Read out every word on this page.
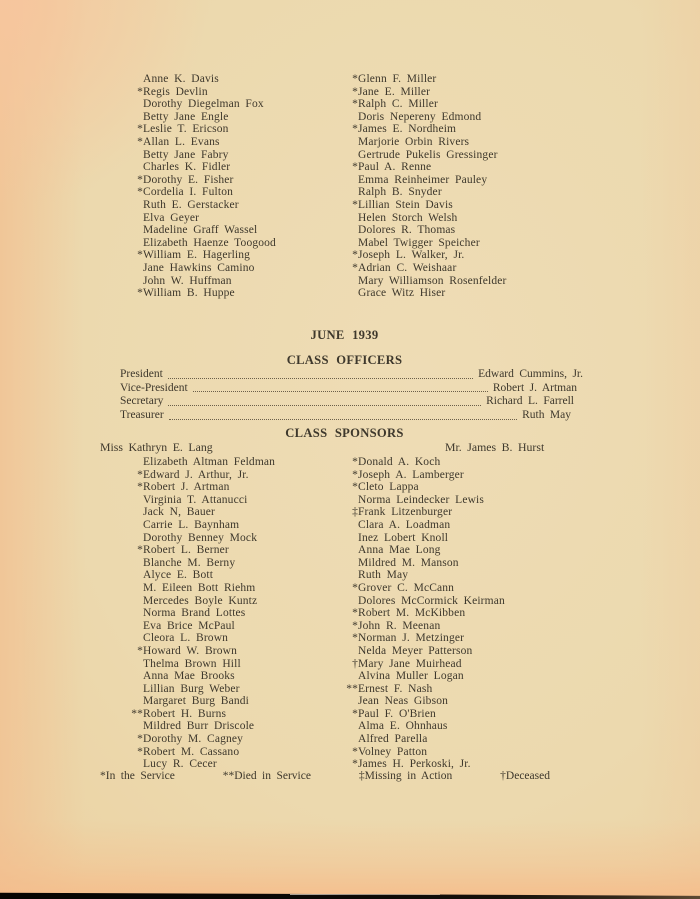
Anne K. Davis
* Regis Devlin
Dorothy Diegelman Fox
Betty Jane Engle
* Leslie T. Ericson
* Allan L. Evans
Betty Jane Fabry
Charles K. Fidler
* Dorothy E. Fisher
* Cordelia I. Fulton
Ruth E. Gerstacker
Elva Geyer
Madeline Graff Wassel
Elizabeth Haenze Toogood
* William E. Hagerling
Jane Hawkins Camino
John W. Huffman
* William B. Huppe
* Glenn F. Miller
* Jane E. Miller
* Ralph C. Miller
Doris Nepereny Edmond
* James E. Nordheim
Marjorie Orbin Rivers
Gertrude Pukelis Gressinger
* Paul A. Renne
Emma Reinheimer Pauley
Ralph B. Snyder
* Lillian Stein Davis
Helen Storch Welsh
Dolores R. Thomas
Mabel Twigger Speicher
* Joseph L. Walker, Jr.
* Adrian C. Weishaar
Mary Williamson Rosenfelder
Grace Witz Hiser
JUNE 1939
CLASS OFFICERS
President	Edward Cummins, Jr.
Vice-President	Robert J. Artman
Secretary	Richard L. Farrell
Treasurer	Ruth May
CLASS SPONSORS
Miss Kathryn E. Lang	Mr. James B. Hurst
Elizabeth Altman Feldman
* Edward J. Arthur, Jr.
* Robert J. Artman
Virginia T. Attanucci
Jack N, Bauer
Carrie L. Baynham
Dorothy Benney Mock
* Robert L. Berner
Blanche M. Berny
Alyce E. Bott
M. Eileen Bott Riehm
Mercedes Boyle Kuntz
Norma Brand Lottes
Eva Brice McPaul
Cleora L. Brown
* Howard W. Brown
Thelma Brown Hill
Anna Mae Brooks
Lillian Burg Weber
Margaret Burg Bandi
** Robert H. Burns
Mildred Burr Driscole
* Dorothy M. Cagney
* Robert M. Cassano
Lucy R. Cecer
* Donald A. Koch
* Joseph A. Lamberger
* Cleto Lappa
Norma Leindecker Lewis
‡ Frank Litzenburger
Clara A. Loadman
Inez Lobert Knoll
Anna Mae Long
Mildred M. Manson
Ruth May
* Grover C. McCann
Dolores McCormick Keirman
* Robert M. McKibben
* John R. Meenan
* Norman J. Metzinger
Nelda Meyer Patterson
† Mary Jane Muirhead
Alvina Muller Logan
** Ernest F. Nash
Jean Neas Gibson
* Paul F. O'Brien
Alma E. Ohnhaus
Alfred Parella
* Volney Patton
* James H. Perkoski, Jr.
*In the Service	**Died in Service	‡Missing in Action	†Deceased
